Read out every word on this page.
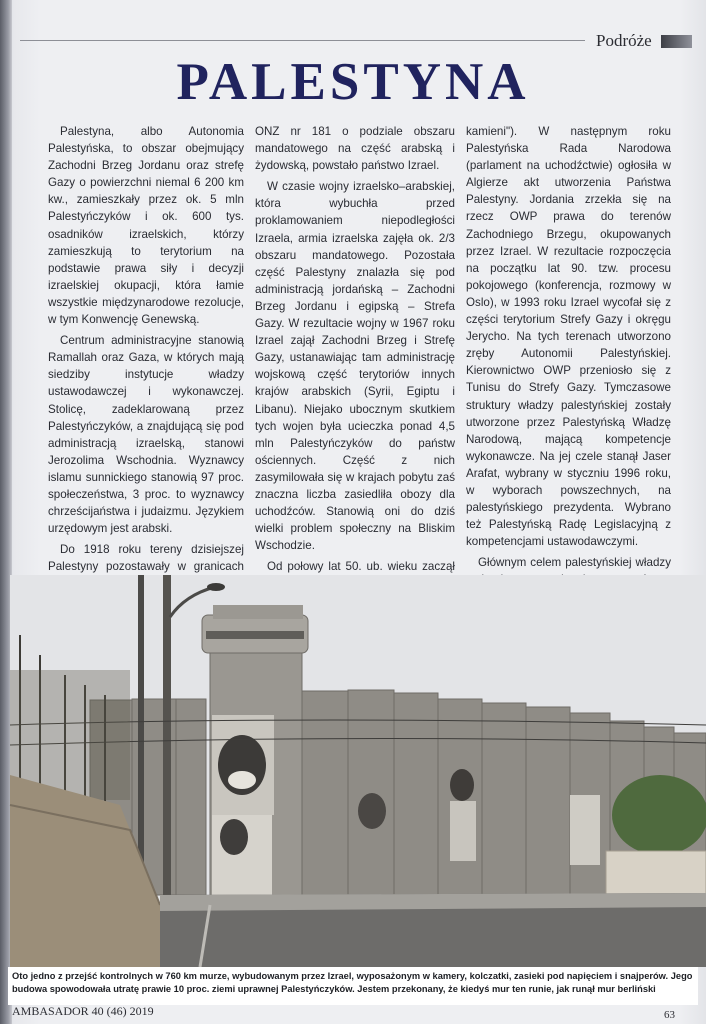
Podróże
PALESTYNA

Palestyna, albo Autonomia Palestyńska, to obszar obejmujący Zachodni Brzeg Jordanu oraz strefę Gazy o powierzchni niemal 6 200 km kw., zamieszkały przez ok. 5 mln Palestyńczyków i ok. 600 tys. osadników izraelskich, którzy zamieszkują to terytorium na podstawie prawa siły i decyzji izraelskiej okupacji, która łamie wszystkie międzynarodowe rezolucje, w tym Konwencję Genewską.

Centrum administracyjne stanowią Ramallah oraz Gaza, w których mają siedziby instytucje władzy ustawodawczej i wykonawczej. Stolicę, zadeklarowaną przez Palestyńczyków, a znajdującą się pod administracją izraelską, stanowi Jerozolima Wschodnia. Wyznawcy islamu sunnickiego stanowią 97 proc. społeczeństwa, 3 proc. to wyznawcy chrześcijaństwa i judaizmu. Językiem urzędowym jest arabski.

Do 1918 roku tereny dzisiejszej Palestyny pozostawały w granicach

ONZ nr 181 o podziale obszaru mandatowego na część arabską i żydowską, powstało państwo Izrael.

W czasie wojny izraelsko–arabskiej, która wybuchła przed proklamowaniem niepodległości Izraela, armia izraelska zajęła ok. 2/3 obszaru mandatowego. Pozostała część Palestyny znalazła się pod administracją jordańską – Zachodni Brzeg Jordanu i egipską – Strefa Gazy. W rezultacie wojny w 1967 roku Izrael zajął Zachodni Brzeg i Strefę Gazy, ustanawiając tam administrację wojskową część terytoriów innych krajów arabskich (Syrii, Egiptu i Libanu). Niejako ubocznym skutkiem tych wojen była ucieczka ponad 4,5 mln Palestyńczyków do państw ościennych. Część z nich zasymilowała się w krajach pobytu zaś znaczna liczba zasiedliła obozy dla uchodźców. Stanowią oni do dziś wielki problem społeczny na Bliskim Wschodzie.

Od połowy lat 50. ub. wieku zaczął

kamieni"). W następnym roku Palestyńska Rada Narodowa (parlament na uchodźctwie) ogłosiła w Algierze akt utworzenia Państwa Palestyny. Jordania zrzekła się na rzecz OWP prawa do terenów Zachodniego Brzegu, okupowanych przez Izrael. W rezultacie rozpoczęcia na początku lat 90. tzw. procesu pokojowego (konferencja, rozmowy w Oslo), w 1993 roku Izrael wycofał się z części terytorium Strefy Gazy i okręgu Jerycho. Na tych terenach utworzono zręby Autonomii Palestyńskiej. Kierownictwo OWP przeniosło się z Tunisu do Strefy Gazy. Tymczasowe struktury władzy palestyńskiej zostały utworzone przez Palestyńską Władzę Narodową, mającą kompetencje wykonawcze. Na jej czele stanął Jaser Arafat, wybrany w styczniu 1996 roku, w wyborach powszechnych, na palestyńskiego prezydenta. Wybrano też Palestyńską Radę Legislacyjną z kompetencjami ustawodawczymi.

Głównym celem palestyńskiej władzy

Oto jedno z przejść kontrolnych w 760 km murze, wybudowanym przez Izrael, wyposażonym w kamery, kolczatki, zasieki pod napięciem i snajperów. Jego budowa spowodowała utratę prawie 10 proc. ziemi uprawnej Palestyńczyków. Jestem przekonany, że kiedyś mur ten runie, jak runął mur berliński
AMBASADOR 40 (46) 2019	63
